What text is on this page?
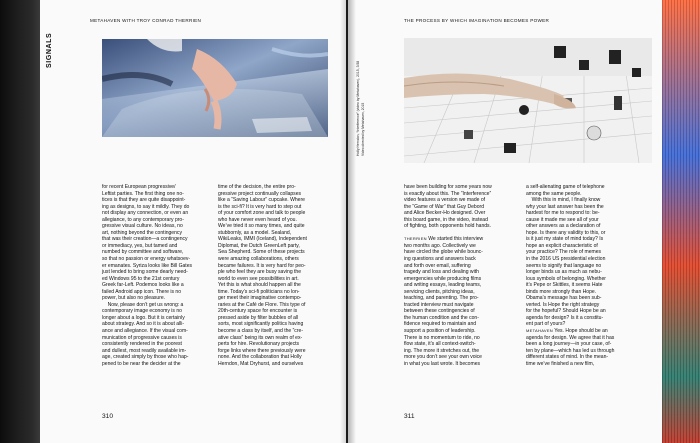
SIGNALS
METAHAVEN WITH TROY CONRAD THERRIEN

for recent European progressive/

Leftist parties. The first thing one no-

tices is that they are quite disappoint-

ing as designs, to say it mildly. They do

not display any connection, or even an

allegiance, to any contemporary pro-

gressive visual culture. No ideas, no

art, nothing beyond the contingency

that was their creation—a contingency

or immediacy, yes, but tamed and

numbed by committee and software,

so that no passion or energy whatsoev-

er emanates. Syriza looks like Bill Gates

just lended to bring some dearly need-

ed Windows 95 to the 21st century

Greek far-Left. Podemos looks like a

failed Android app icon. There is no

power, but also no pleasure.

Now, please don’t get us wrong: a

contemporary image economy is no

longer about a logo. But it is certainly

about strategy. And so it is about alli-

ance and allegiance. If the visual com-

munication of progressive causes is

consistently rendered in the poorest

and dullest, most readily available im-

age, created simply by those who hap-

pened to be near the decider at the

time of the decision, the entire pro-

gressive project continually collapses

like a “Saving Labour” cupcake. Where

is the sci-fi? It is very hard to step out

of your comfort zone and talk to people

who have never even heard of you.

We’ve tried it so many times, and quite

stubbornly, as a model. Sealand,

WikiLeaks, IMMI (Iceland), Independent

Diplomat, the Dutch GreenLeft party,

Sea Shepherd. Some of these projects

were amazing collaborations, others

became failures. It is very hard for peo-

ple who feel they are busy saving the

world to even see possibilities in art.

Yet this is what should happen all the

time. Today’s sci-fi politicians no lon-

ger meet their imaginative contempo-

raries at the Café de Flore. This type of

20th-century space for encounter is

pressed aside by filter bubbles of all

sorts, most significantly politics having

become a class by itself, and the “cre-

ative class” being its own realm of ex-

perts for hire. Revolutionary projects

forge links where there previously were

none. And the collaboration that Holly

Herndon, Mat Dryhurst, and ourselves

310
THE PROCESS BY WHICH IMAGINATION BECOMES POWER
Holly Herndon, “Interference” (video by Metahaven), 2015, 3:58
Video directed by Metahaven, 2015

have been building for some years now

is exactly about this. The “Interference”

video features a version we made of

the “Game of War” that Guy Debord

and Alice Becker-Ho designed. Over

this board game, in the video, instead

of fighting, both opponents hold hands.

THERRIEN We started this interview

two months ago. Collectively we

have circled the globe while bounc-

ing questions and answers back

and forth over email, suffering

tragedy and loss and dealing with

emergencies while producing films

and writing essays, leading teams,

servicing clients, pitching ideas,

teaching, and parenting. The pro-

tracted interview must navigate

between these contingencies of

the human condition and the con-

fidence required to maintain and

support a position of leadership.

There is no momentum to ride, no

flow state, it’s all context-switch-

ing. The more it stretches out, the

more you don’t see your own voice

in what you last wrote. It becomes

a self-alienating game of telephone

among the same people.

With this in mind, I finally know

why your last answer has been the

hardest for me to respond to: be-

cause it made me see all of your

other answers as a declaration of

hope. Is there any validity to this, or

is it just my state of mind today? Is

hope an explicit characteristic of

your practice? The role of memes

in the 2016 US presidential election

seems to signify that language no

longer binds us as much as nebu-

lous symbols of belonging. Whether

it’s Pepe or Skittles, it seems Hate

binds more strongly than Hope.

Obama’s message has been sub-

verted. Is Hope the right strategy

for the hopeful? Should Hope be an

agenda for design? Is it a constitu-

ent part of yours?

METAHAVEN Yes. Hope should be an

agenda for design. We agree that it has

been a long journey—in your case, of-

ten by plane—which has led us through

different states of mind. In the mean-

time we’ve finished a new film,

311
